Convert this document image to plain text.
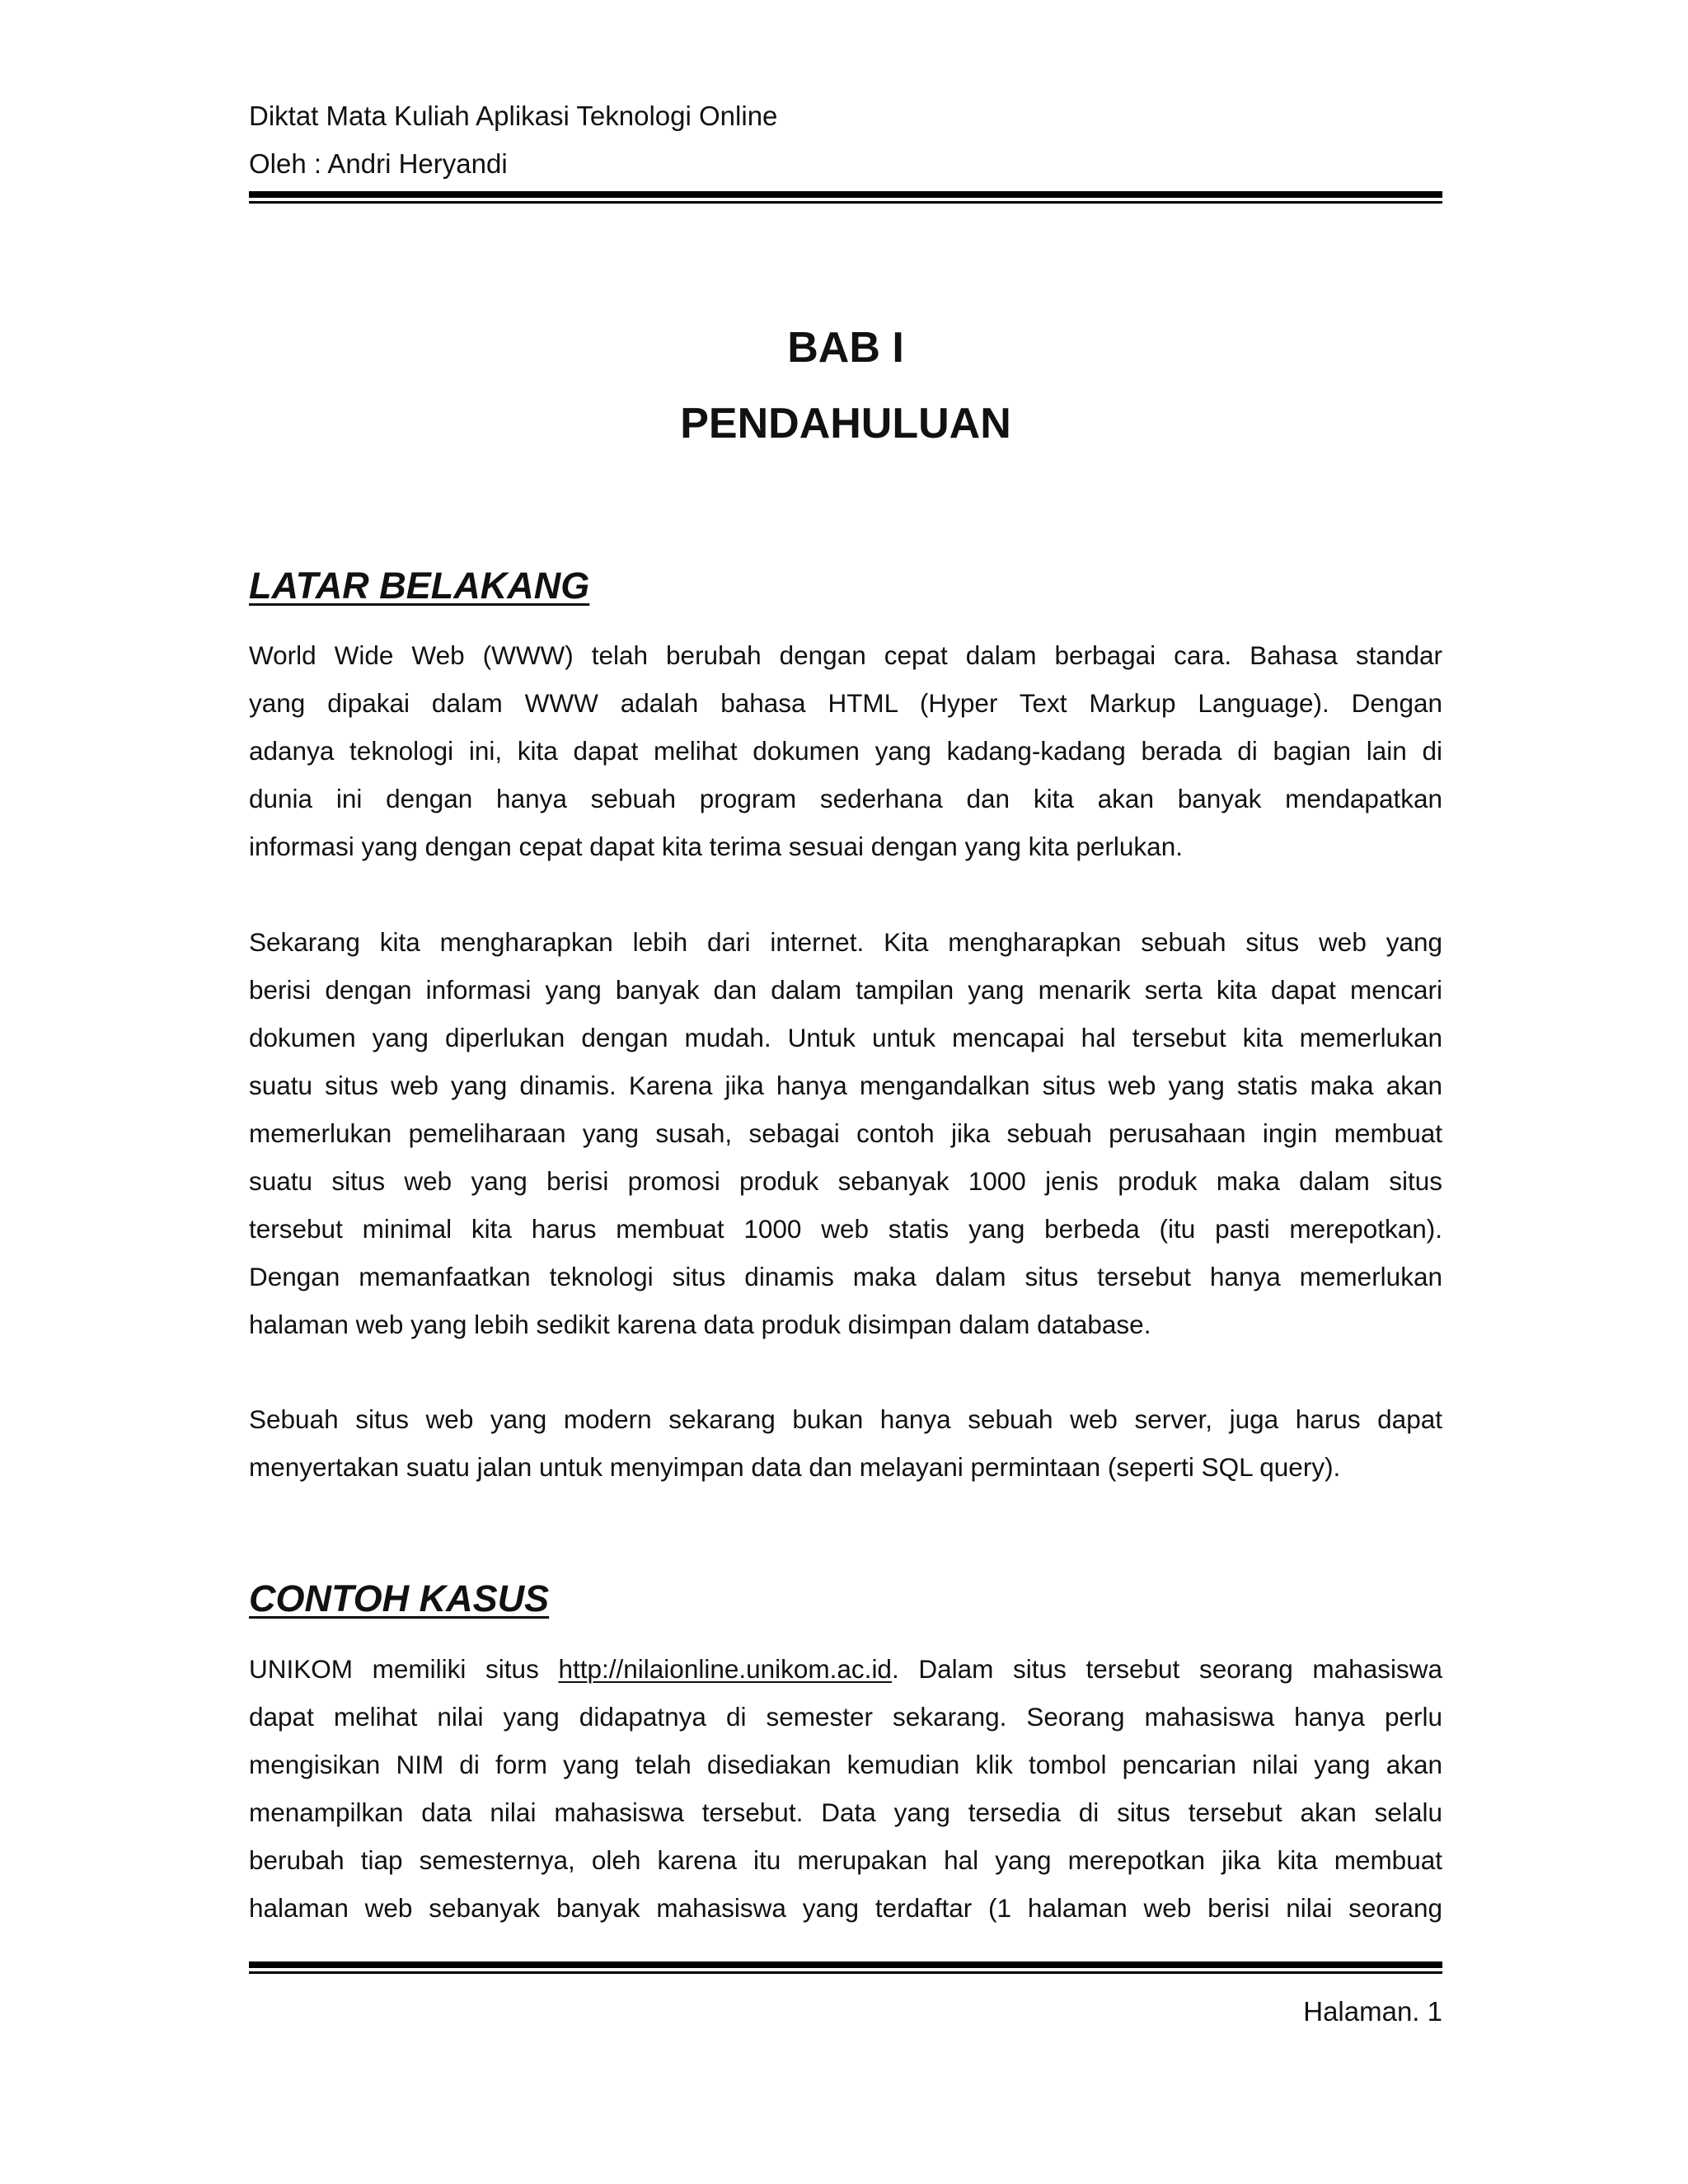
Diktat Mata Kuliah Aplikasi Teknologi Online
Oleh : Andri Heryandi
BAB I
PENDAHULUAN
LATAR BELAKANG
World Wide Web (WWW) telah berubah dengan cepat dalam berbagai cara. Bahasa standar
yang dipakai dalam WWW adalah bahasa HTML (Hyper Text Markup Language). Dengan
adanya teknologi ini, kita dapat melihat dokumen yang kadang-kadang berada di bagian lain di
dunia ini dengan hanya sebuah program sederhana dan kita akan banyak mendapatkan
informasi yang dengan cepat dapat kita terima sesuai dengan yang kita perlukan.
Sekarang kita mengharapkan lebih dari internet. Kita mengharapkan sebuah situs web yang
berisi dengan informasi yang banyak dan dalam tampilan yang menarik serta kita dapat mencari
dokumen yang diperlukan dengan mudah. Untuk untuk mencapai hal tersebut kita memerlukan
suatu situs web yang dinamis. Karena jika hanya mengandalkan situs web yang statis maka akan
memerlukan pemeliharaan yang susah, sebagai contoh jika sebuah perusahaan ingin membuat
suatu situs web yang berisi promosi produk sebanyak 1000 jenis produk maka dalam situs
tersebut minimal kita harus membuat 1000 web statis yang berbeda (itu pasti merepotkan).
Dengan memanfaatkan teknologi situs dinamis maka dalam situs tersebut hanya memerlukan
halaman web yang lebih sedikit karena data produk disimpan dalam database.
Sebuah situs web yang modern sekarang bukan hanya sebuah web server, juga harus dapat
menyertakan suatu jalan untuk menyimpan data dan melayani permintaan (seperti SQL query).
CONTOH KASUS
UNIKOM memiliki situs http://nilaionline.unikom.ac.id. Dalam situs tersebut seorang mahasiswa
dapat melihat nilai yang didapatnya di semester sekarang. Seorang mahasiswa hanya perlu
mengisikan NIM di form yang telah disediakan kemudian klik tombol pencarian nilai yang akan
menampilkan data nilai mahasiswa tersebut. Data yang tersedia di situs tersebut akan selalu
berubah tiap semesternya, oleh karena itu merupakan hal yang merepotkan jika kita membuat
halaman web sebanyak banyak mahasiswa yang terdaftar (1 halaman web berisi nilai seorang
Halaman. 1
